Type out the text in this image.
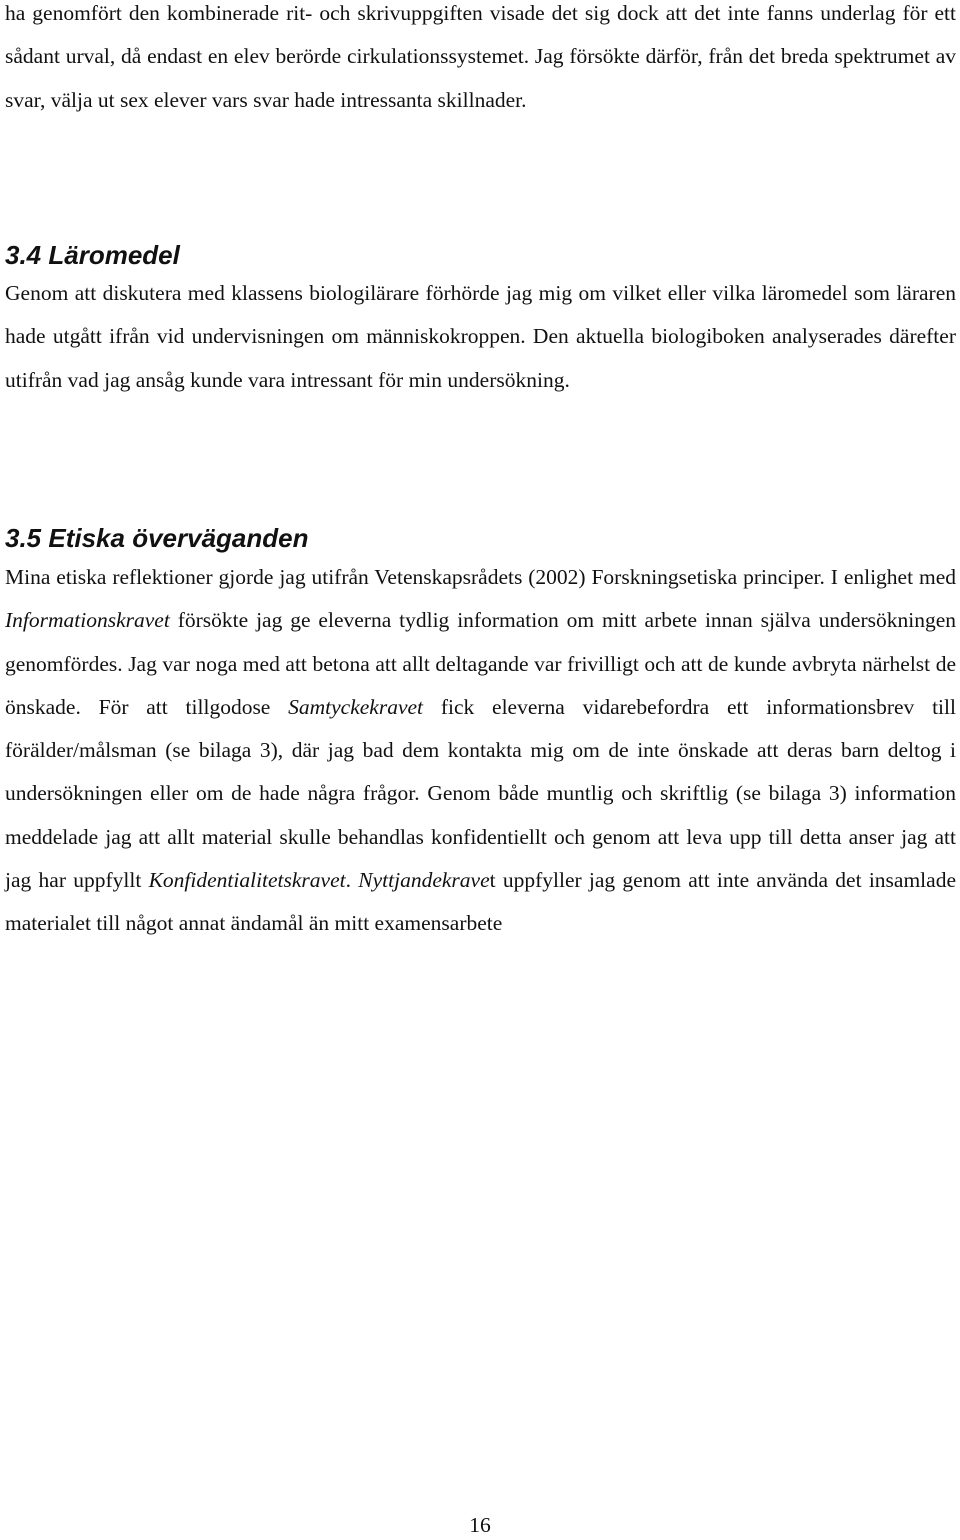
ha genomfört den kombinerade rit- och skrivuppgiften visade det sig dock att det inte fanns underlag för ett sådant urval, då endast en elev berörde cirkulationssystemet. Jag försökte därför, från det breda spektrumet av svar, välja ut sex elever vars svar hade intressanta skillnader.

3.4 Läromedel

Genom att diskutera med klassens biologilärare förhörde jag mig om vilket eller vilka läromedel som läraren hade utgått ifrån vid undervisningen om människokroppen. Den aktuella biologiboken analyserades därefter utifrån vad jag ansåg kunde vara intressant för min undersökning.

3.5 Etiska överväganden

Mina etiska reflektioner gjorde jag utifrån Vetenskapsrådets (2002) Forskningsetiska principer. I enlighet med Informationskravet försökte jag ge eleverna tydlig information om mitt arbete innan själva undersökningen genomfördes. Jag var noga med att betona att allt deltagande var frivilligt och att de kunde avbryta närhelst de önskade. För att tillgodose Samtyckekravet fick eleverna vidarebefordra ett informationsbrev till förälder/målsman (se bilaga 3), där jag bad dem kontakta mig om de inte önskade att deras barn deltog i undersökningen eller om de hade några frågor. Genom både muntlig och skriftlig (se bilaga 3) information meddelade jag att allt material skulle behandlas konfidentiellt och genom att leva upp till detta anser jag att jag har uppfyllt Konfidentialitetskravet. Nyttjandekravet uppfyller jag genom att inte använda det insamlade materialet till något annat ändamål än mitt examensarbete

16
